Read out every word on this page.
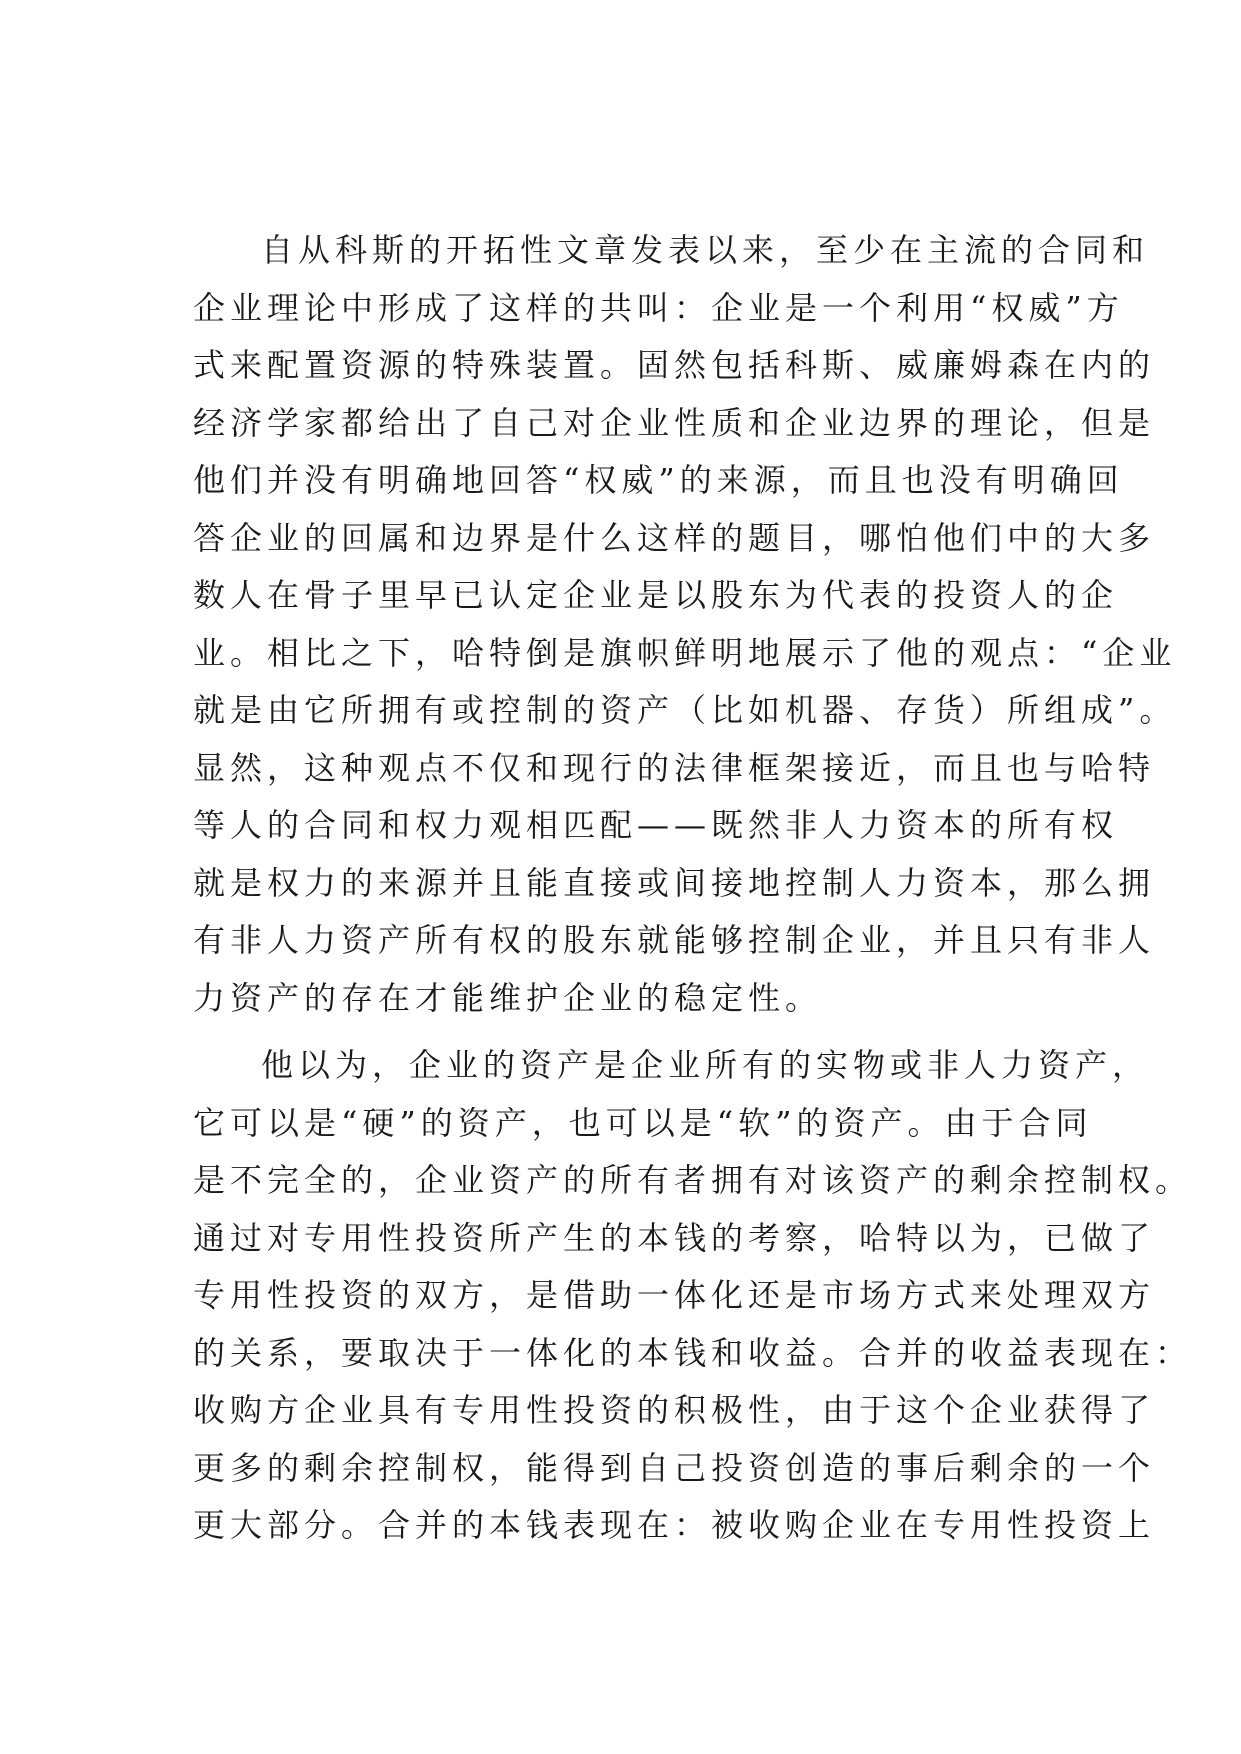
自从科斯的开拓性文章发表以来，至少在主流的合同和
企业理论中形成了这样的共叫：企业是一个利用“权威”方
式来配置资源的特殊装置。固然包括科斯、威廉姆森在内的
经济学家都给出了自己对企业性质和企业边界的理论，但是
他们并没有明确地回答“权威”的来源，而且也没有明确回
答企业的回属和边界是什么这样的题目，哪怕他们中的大多
数人在骨子里早已认定企业是以股东为代表的投资人的企
业。相比之下，哈特倒是旗帜鲜明地展示了他的观点：“企业
就是由它所拥有或控制的资产（比如机器、存货）所组成”。
显然，这种观点不仅和现行的法律框架接近，而且也与哈特
等人的合同和权力观相匹配——既然非人力资本的所有权
就是权力的来源并且能直接或间接地控制人力资本，那么拥
有非人力资产所有权的股东就能够控制企业，并且只有非人
力资产的存在才能维护企业的稳定性。
他以为，企业的资产是企业所有的实物或非人力资产，
它可以是“硬”的资产，也可以是“软”的资产。由于合同
是不完全的，企业资产的所有者拥有对该资产的剩余控制权。
通过对专用性投资所产生的本钱的考察，哈特以为，已做了
专用性投资的双方，是借助一体化还是市场方式来处理双方
的关系，要取决于一体化的本钱和收益。合并的收益表现在：
收购方企业具有专用性投资的积极性，由于这个企业获得了
更多的剩余控制权，能得到自己投资创造的事后剩余的一个
更大部分。合并的本钱表现在：被收购企业在专用性投资上
